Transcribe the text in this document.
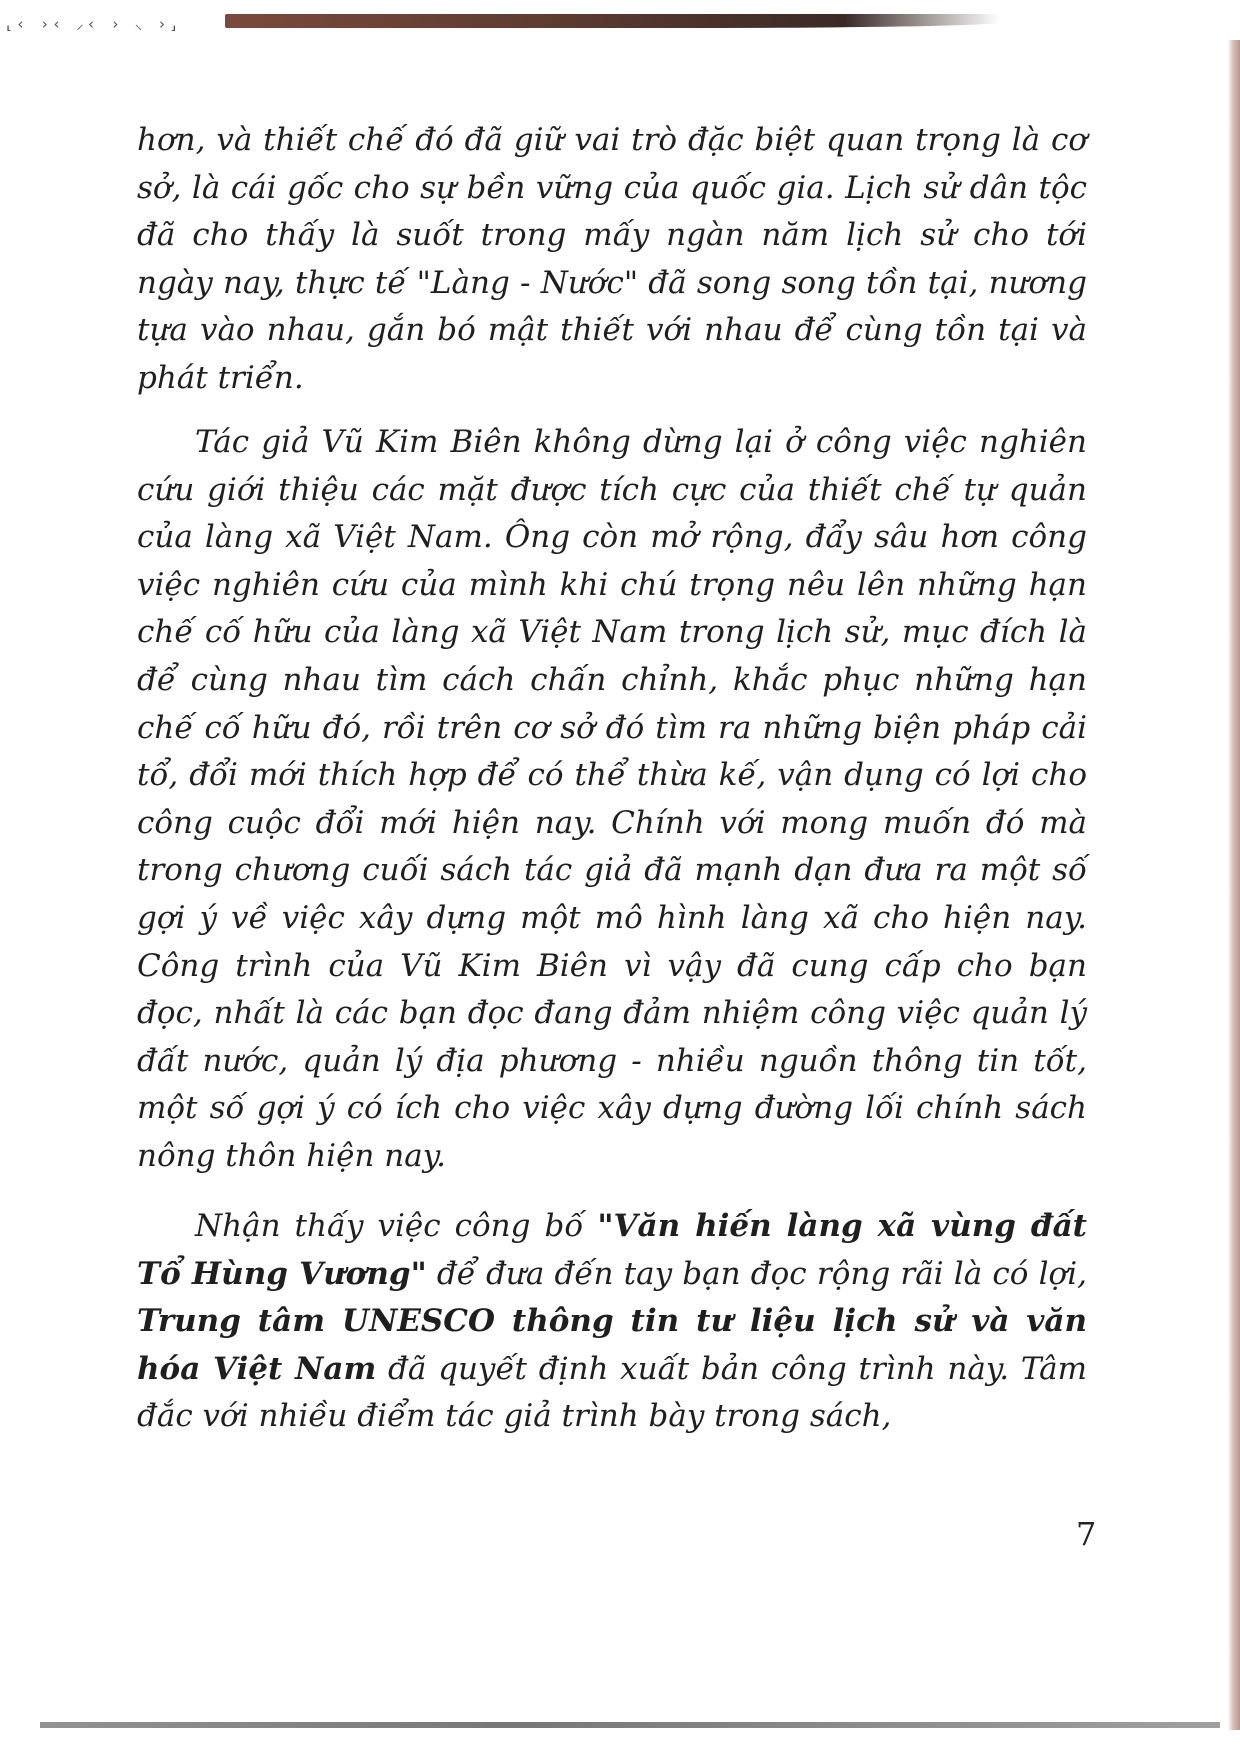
⸤‹ ›‹ ⸝‹ › ⸜ ›⸥

hơn, và thiết chế đó đã giữ vai trò đặc biệt quan trọng là cơ sở, là cái gốc cho sự bền vững của quốc gia. Lịch sử dân tộc đã cho thấy là suốt trong mấy ngàn năm lịch sử cho tới ngày nay, thực tế "Làng - Nước" đã song song tồn tại, nương tựa vào nhau, gắn bó mật thiết với nhau để cùng tồn tại và phát triển.

Tác giả Vũ Kim Biên không dừng lại ở công việc nghiên cứu giới thiệu các mặt được tích cực của thiết chế tự quản của làng xã Việt Nam. Ông còn mở rộng, đẩy sâu hơn công việc nghiên cứu của mình khi chú trọng nêu lên những hạn chế cố hữu của làng xã Việt Nam trong lịch sử, mục đích là để cùng nhau tìm cách chấn chỉnh, khắc phục những hạn chế cố hữu đó, rồi trên cơ sở đó tìm ra những biện pháp cải tổ, đổi mới thích hợp để có thể thừa kế, vận dụng có lợi cho công cuộc đổi mới hiện nay. Chính với mong muốn đó mà trong chương cuối sách tác giả đã mạnh dạn đưa ra một số gợi ý về việc xây dựng một mô hình làng xã cho hiện nay. Công trình của Vũ Kim Biên vì vậy đã cung cấp cho bạn đọc, nhất là các bạn đọc đang đảm nhiệm công việc quản lý đất nước, quản lý địa phương - nhiều nguồn thông tin tốt, một số gợi ý có ích cho việc xây dựng đường lối chính sách nông thôn hiện nay.

Nhận thấy việc công bố "Văn hiến làng xã vùng đất Tổ Hùng Vương" để đưa đến tay bạn đọc rộng rãi là có lợi, Trung tâm UNESCO thông tin tư liệu lịch sử và văn hóa Việt Nam đã quyết định xuất bản công trình này. Tâm đắc với nhiều điểm tác giả trình bày trong sách,

7
